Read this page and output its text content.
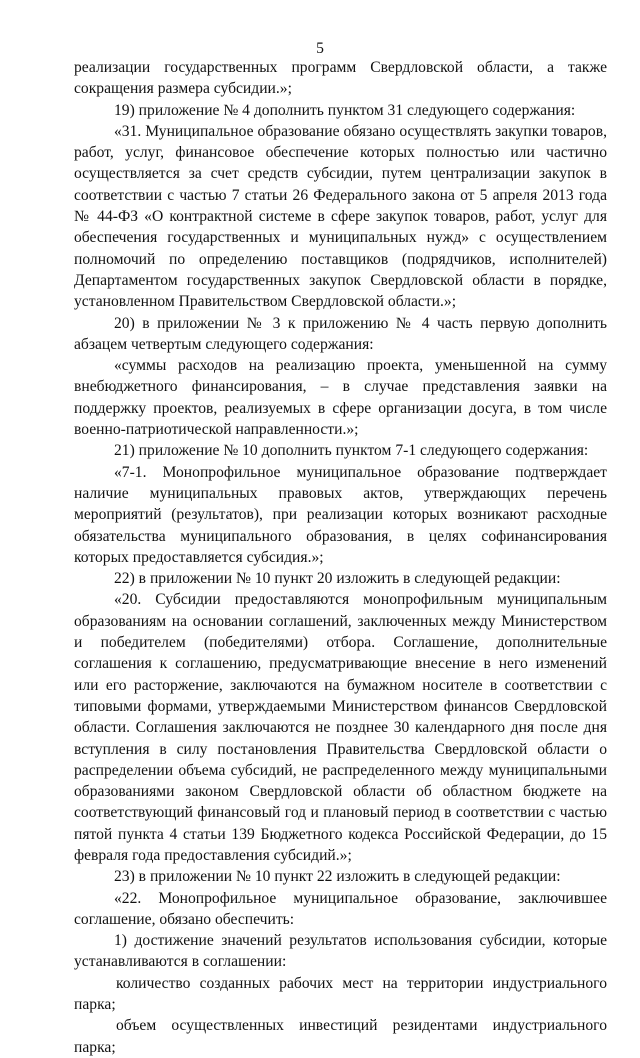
5

реализации государственных программ Свердловской области, а также сокращения размера субсидии.»;

19) приложение № 4 дополнить пунктом 31 следующего содержания:

«31. Муниципальное образование обязано осуществлять закупки товаров, работ, услуг, финансовое обеспечение которых полностью или частично осуществляется за счет средств субсидии, путем централизации закупок в соответствии с частью 7 статьи 26 Федерального закона от 5 апреля 2013 года № 44-ФЗ «О контрактной системе в сфере закупок товаров, работ, услуг для обеспечения государственных и муниципальных нужд» с осуществлением полномочий по определению поставщиков (подрядчиков, исполнителей) Департаментом государственных закупок Свердловской области в порядке, установленном Правительством Свердловской области.»;

20) в приложении № 3 к приложению № 4 часть первую дополнить абзацем четвертым следующего содержания:

«суммы расходов на реализацию проекта, уменьшенной на сумму внебюджетного финансирования, – в случае представления заявки на поддержку проектов, реализуемых в сфере организации досуга, в том числе военно-патриотической направленности.»;

21) приложение № 10 дополнить пунктом 7-1 следующего содержания:

«7-1. Монопрофильное муниципальное образование подтверждает наличие муниципальных правовых актов, утверждающих перечень мероприятий (результатов), при реализации которых возникают расходные обязательства муниципального образования, в целях софинансирования которых предоставляется субсидия.»;

22) в приложении № 10 пункт 20 изложить в следующей редакции:

«20. Субсидии предоставляются монопрофильным муниципальным образованиям на основании соглашений, заключенных между Министерством и победителем (победителями) отбора. Соглашение, дополнительные соглашения к соглашению, предусматривающие внесение в него изменений или его расторжение, заключаются на бумажном носителе в соответствии с типовыми формами, утверждаемыми Министерством финансов Свердловской области. Соглашения заключаются не позднее 30 календарного дня после дня вступления в силу постановления Правительства Свердловской области о распределении объема субсидий, не распределенного между муниципальными образованиями законом Свердловской области об областном бюджете на соответствующий финансовый год и плановый период в соответствии с частью пятой пункта 4 статьи 139 Бюджетного кодекса Российской Федерации, до 15 февраля года предоставления субсидий.»;

23) в приложении № 10 пункт 22 изложить в следующей редакции:

«22. Монопрофильное муниципальное образование, заключившее соглашение, обязано обеспечить:

1) достижение значений результатов использования субсидии, которые устанавливаются в соглашении:

количество созданных рабочих мест на территории индустриального парка;

объем осуществленных инвестиций резидентами индустриального парка;
